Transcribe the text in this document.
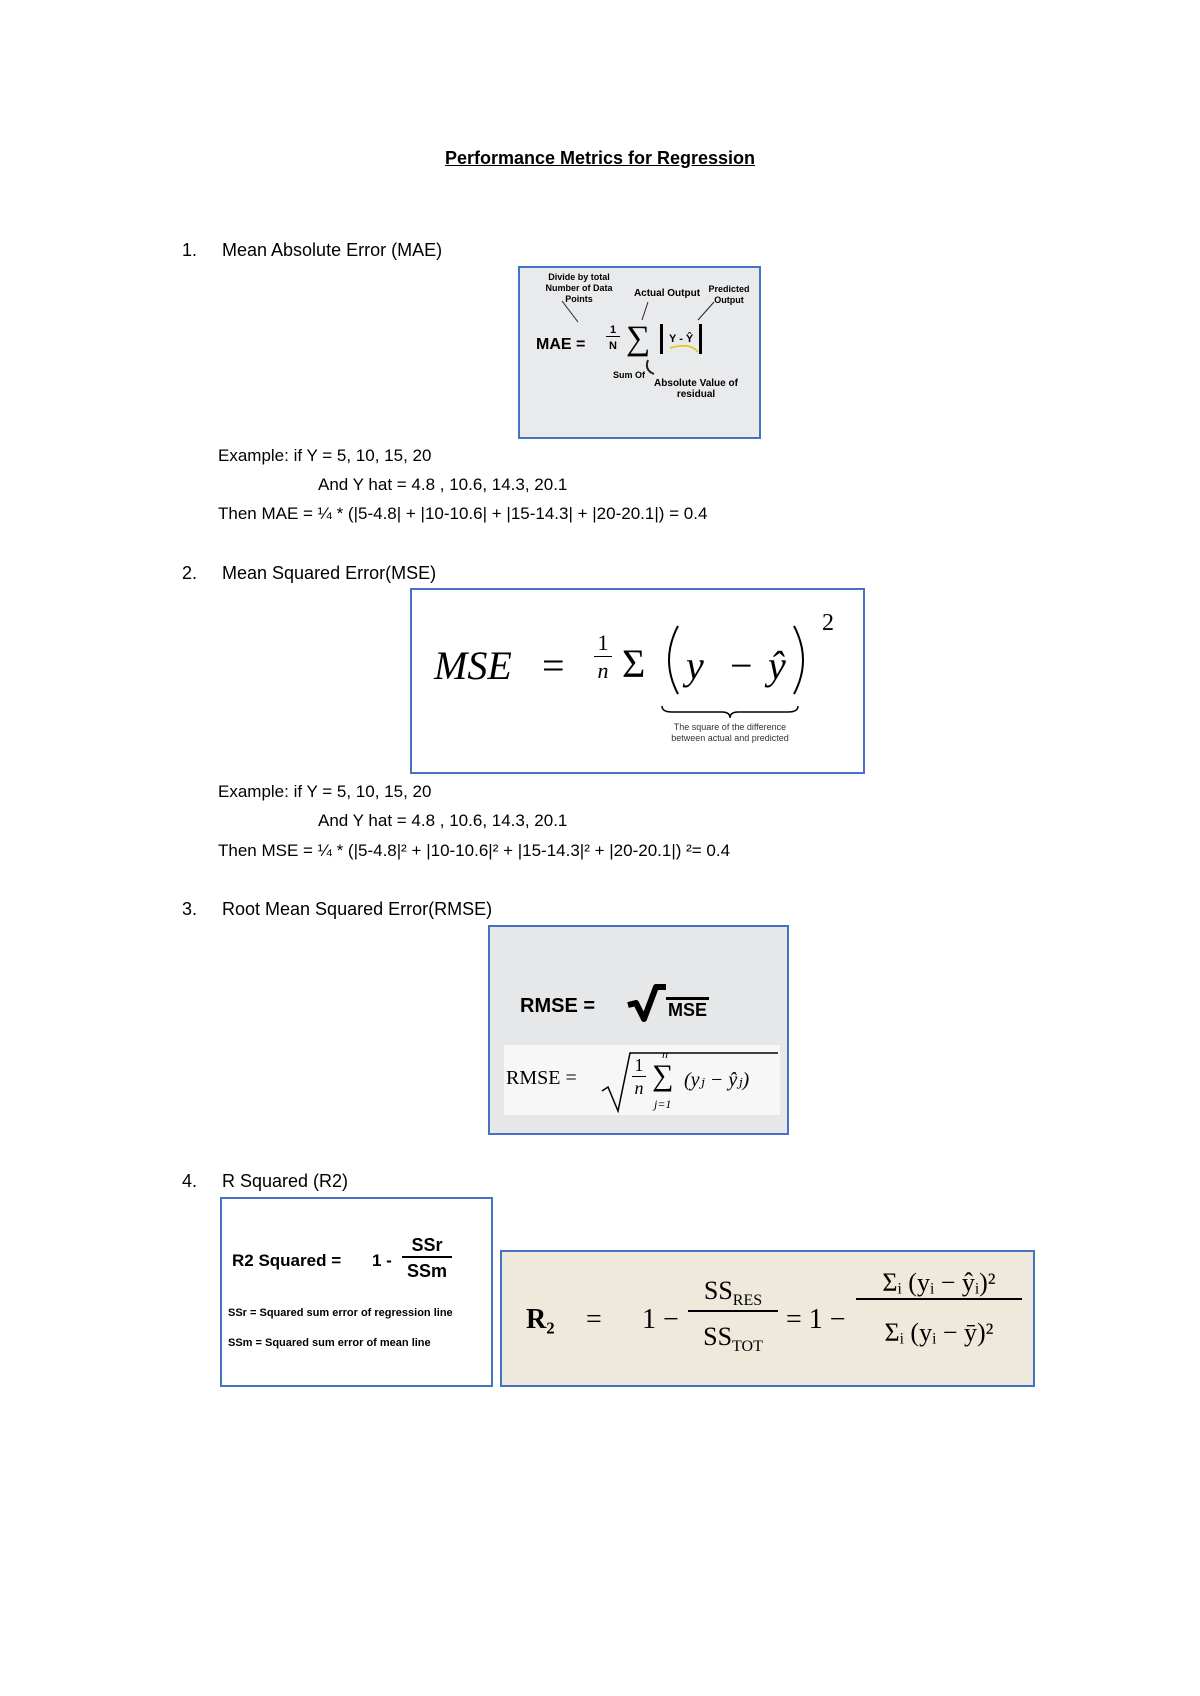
Performance Metrics for Regression
1. Mean Absolute Error (MAE)
Divide by total Number of Data Points	Actual Output Predicted Output
MAE =
1
N ∑	Y - Ŷ
Sum Of
Absolute Value of residual
Example: if Y = 5, 10, 15, 20
And Y hat = 4.8 , 10.6, 14.3, 20.1
Then MAE = ¼ * (|5-4.8| + |10-10.6| + |15-14.3| + |20-20.1|) = 0.4
2. Mean Squared Error(MSE)
MSE =
1
n Σ y − ŷ
2
The square of the difference between actual and predicted
Example: if Y = 5, 10, 15, 20
And Y hat = 4.8 , 10.6, 14.3, 20.1
Then MSE = ¼ * (|5-4.8|² + |10-10.6|² + |15-14.3|² + |20-20.1|) ²= 0.4
3. Root Mean Squared Error(RMSE)
RMSE =	MSE
RMSE =
1
n
n
∑
j=1
(yⱼ − ŷⱼ)
4. R Squared (R2)
R2 Squared = 1 -
SSr
SSm
SSr = Squared sum error of regression line
SSm = Squared sum error of mean line
R₂ = 1 −
$SS_{RES}$
$SS_{TOT}$
= 1 −
Σᵢ (yᵢ − ŷᵢ)²
Σᵢ (yᵢ − ȳ)²
